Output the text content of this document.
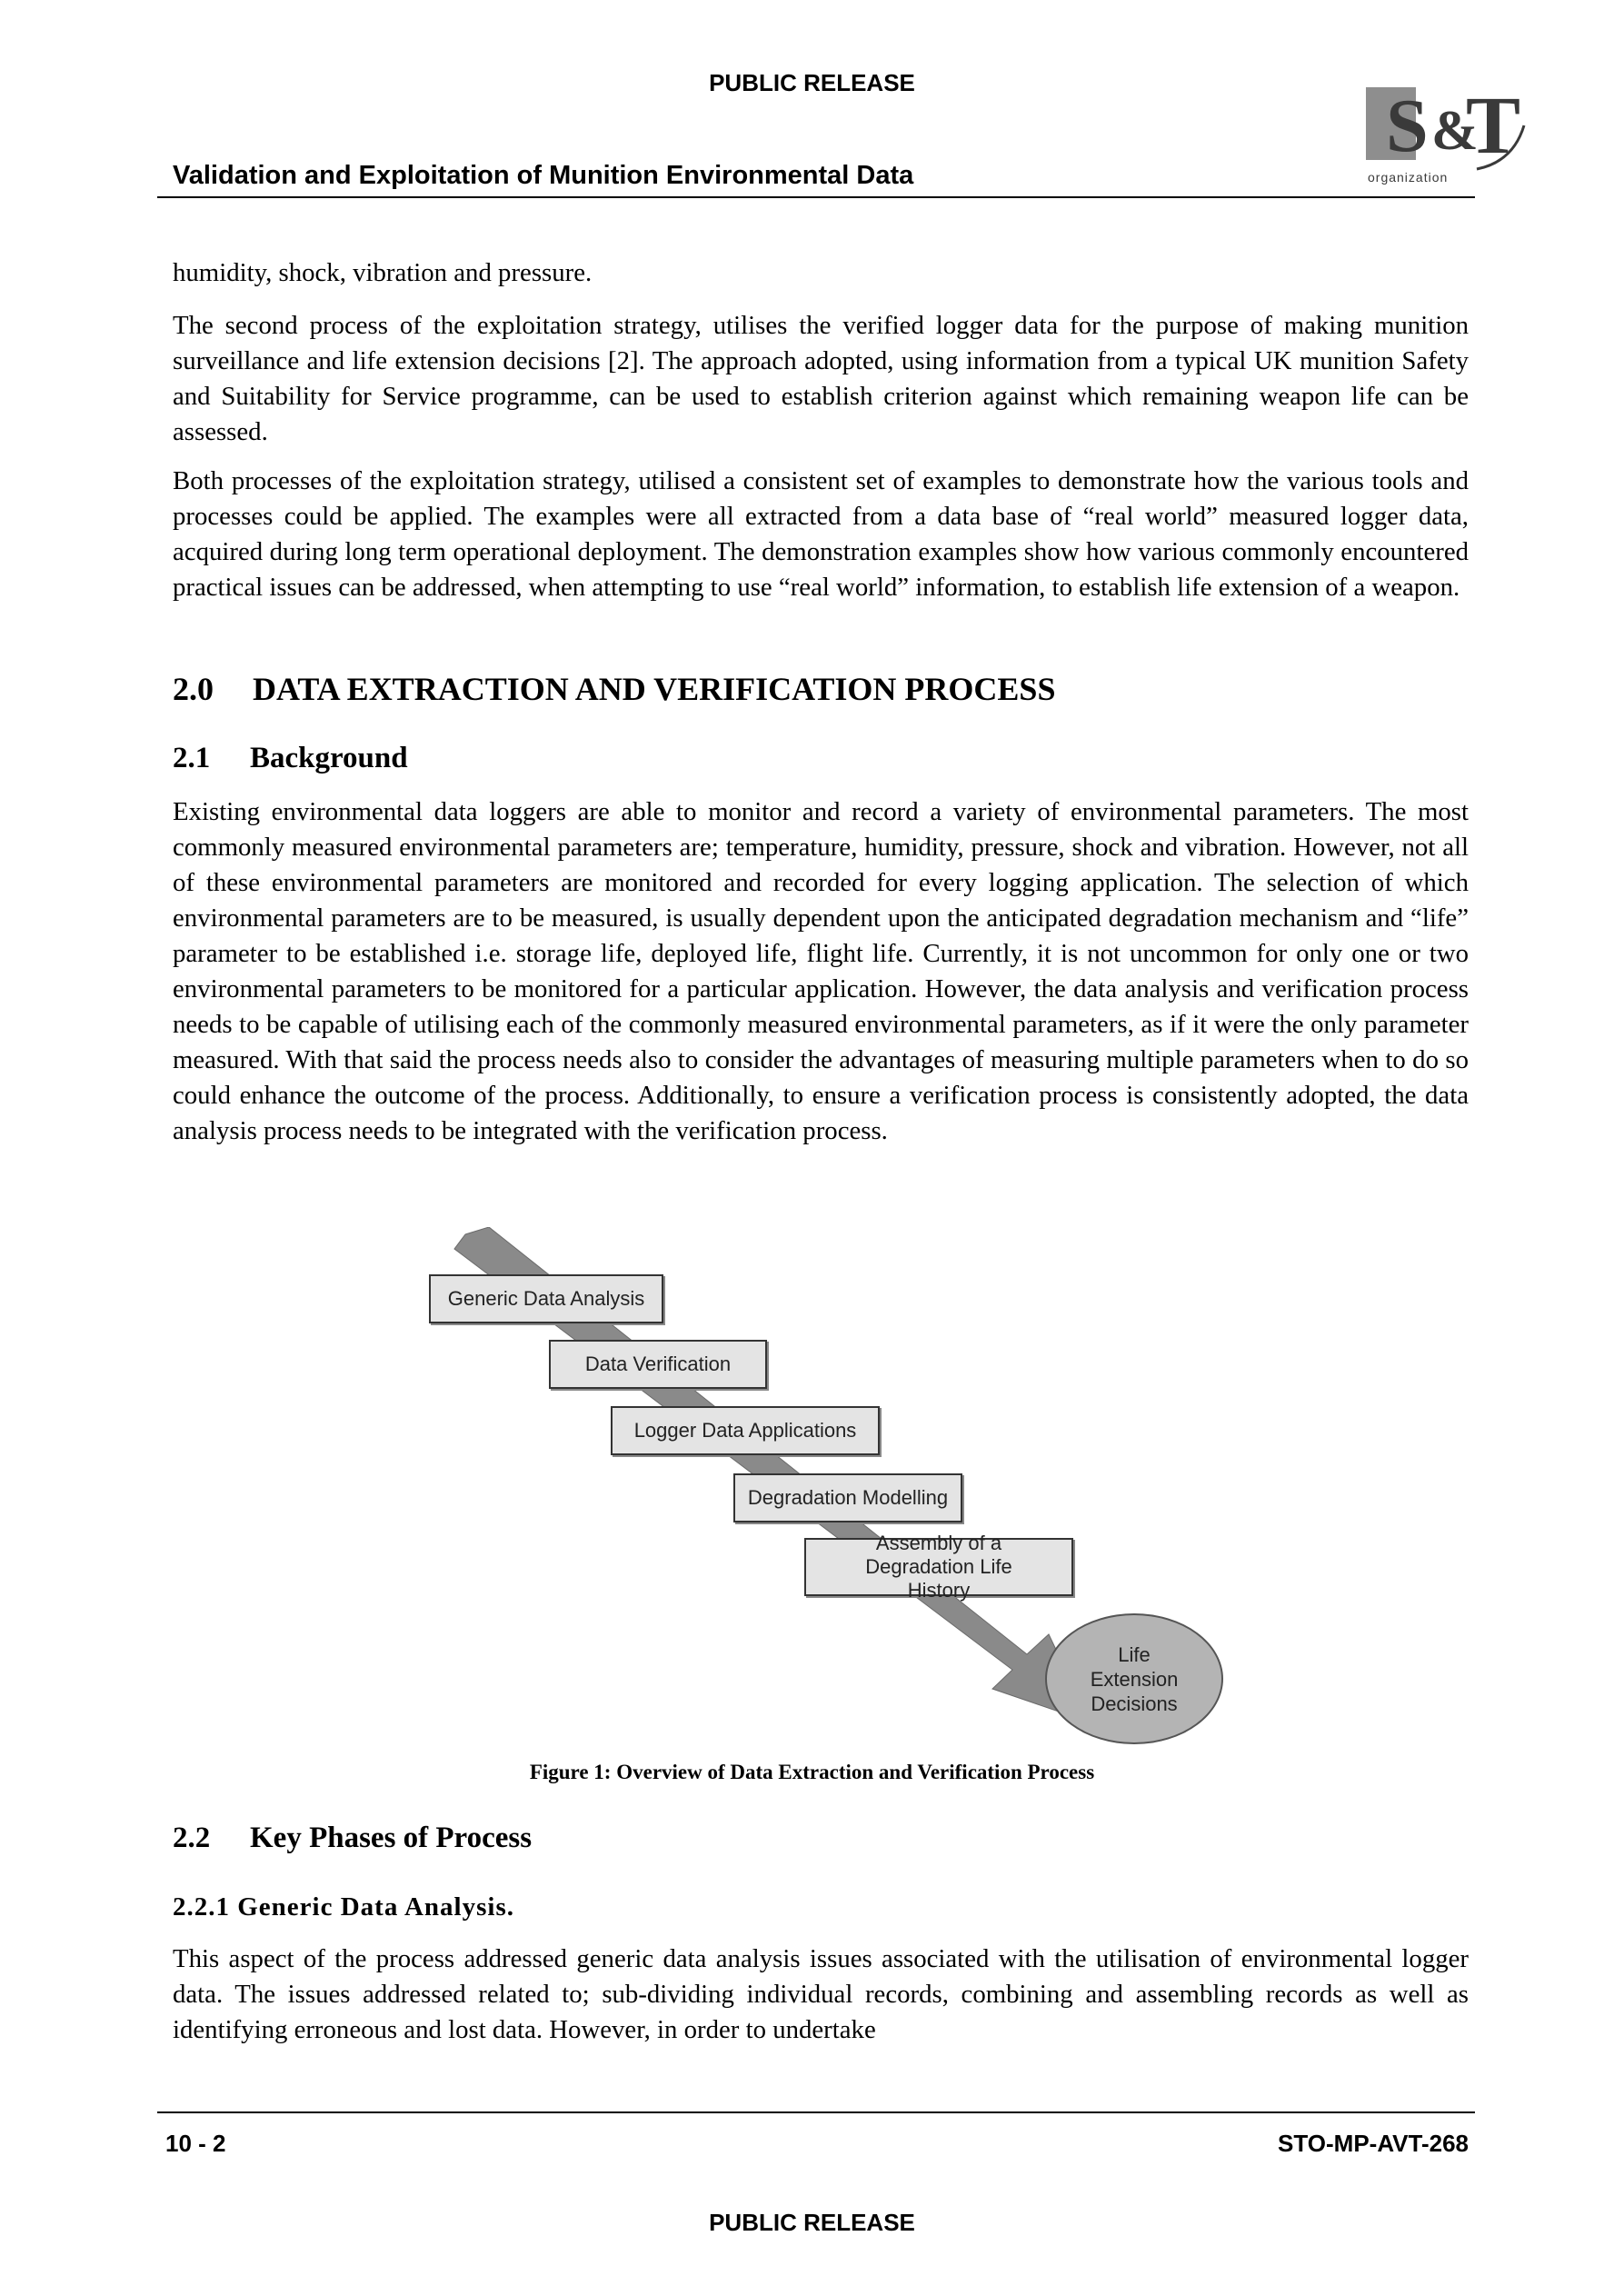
PUBLIC RELEASE
S &
T
organization
Validation and Exploitation of Munition Environmental Data

humidity, shock, vibration and pressure.

The second process of the exploitation strategy, utilises the verified logger data for the purpose of making munition surveillance and life extension decisions [2]. The approach adopted, using information from a typical UK munition Safety and Suitability for Service programme, can be used to establish criterion against which remaining weapon life can be assessed.

Both processes of the exploitation strategy, utilised a consistent set of examples to demonstrate how the various tools and processes could be applied. The examples were all extracted from a data base of “real world” measured logger data, acquired during long term operational deployment. The demonstration examples show how various commonly encountered practical issues can be addressed, when attempting to use “real world” information, to establish life extension of a weapon.

2.0 DATA EXTRACTION AND VERIFICATION PROCESS
2.1 Background

Existing environmental data loggers are able to monitor and record a variety of environmental parameters. The most commonly measured environmental parameters are; temperature, humidity, pressure, shock and vibration. However, not all of these environmental parameters are monitored and recorded for every logging application. The selection of which environmental parameters are to be measured, is usually dependent upon the anticipated degradation mechanism and “life” parameter to be established i.e. storage life, deployed life, flight life. Currently, it is not uncommon for only one or two environmental parameters to be monitored for a particular application. However, the data analysis and verification process needs to be capable of utilising each of the commonly measured environmental parameters, as if it were the only parameter measured. With that said the process needs also to consider the advantages of measuring multiple parameters when to do so could enhance the outcome of the process. Additionally, to ensure a verification process is consistently adopted, the data analysis process needs to be integrated with the verification process.

Generic Data Analysis
Data Verification
Logger Data Applications
Degradation Modelling
Assembly of a Degradation Life History
Life Extension Decisions
Figure 1: Overview of Data Extraction and Verification Process
2.2 Key Phases of Process
2.2.1 Generic Data Analysis.

This aspect of the process addressed generic data analysis issues associated with the utilisation of environmental logger data. The issues addressed related to; sub-dividing individual records, combining and assembling records as well as identifying erroneous and lost data. However, in order to undertake

10 - 2	STO-MP-AVT-268
PUBLIC RELEASE
